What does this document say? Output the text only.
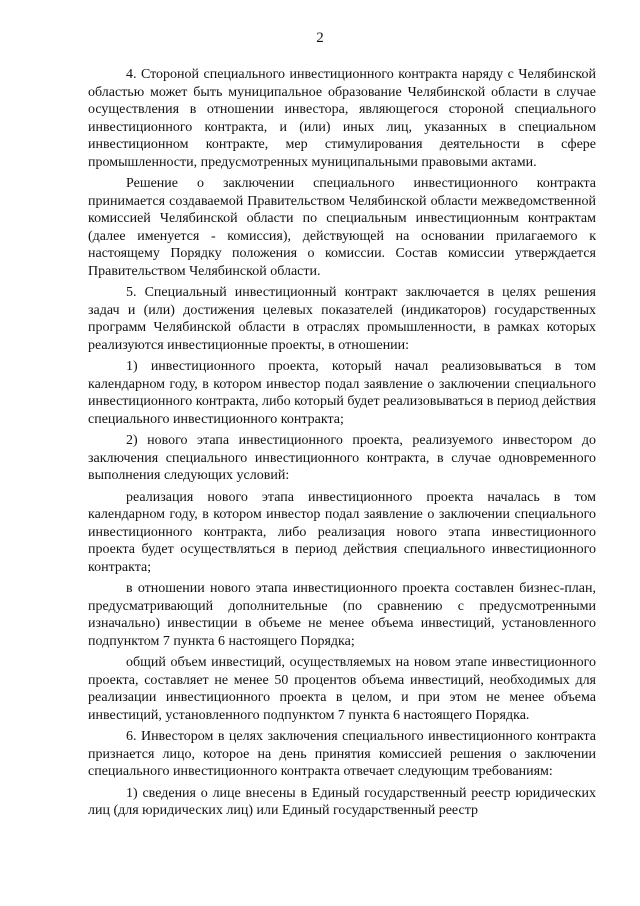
2

4. Стороной специального инвестиционного контракта наряду с Челябинской областью может быть муниципальное образование Челябинской области в случае осуществления в отношении инвестора, являющегося стороной специального инвестиционного контракта, и (или) иных лиц, указанных в специальном инвестиционном контракте, мер стимулирования деятельности в сфере промышленности, предусмотренных муниципальными правовыми актами.

Решение о заключении специального инвестиционного контракта принимается создаваемой Правительством Челябинской области межведомственной комиссией Челябинской области по специальным инвестиционным контрактам (далее именуется - комиссия), действующей на основании прилагаемого к настоящему Порядку положения о комиссии. Состав комиссии утверждается Правительством Челябинской области.

5. Специальный инвестиционный контракт заключается в целях решения задач и (или) достижения целевых показателей (индикаторов) государственных программ Челябинской области в отраслях промышленности, в рамках которых реализуются инвестиционные проекты, в отношении:

1) инвестиционного проекта, который начал реализовываться в том календарном году, в котором инвестор подал заявление о заключении специального инвестиционного контракта, либо который будет реализовываться в период действия специального инвестиционного контракта;

2) нового этапа инвестиционного проекта, реализуемого инвестором до заключения специального инвестиционного контракта, в случае одновременного выполнения следующих условий:

реализация нового этапа инвестиционного проекта началась в том календарном году, в котором инвестор подал заявление о заключении специального инвестиционного контракта, либо реализация нового этапа инвестиционного проекта будет осуществляться в период действия специального инвестиционного контракта;

в отношении нового этапа инвестиционного проекта составлен бизнес-план, предусматривающий дополнительные (по сравнению с предусмотренными изначально) инвестиции в объеме не менее объема инвестиций, установленного подпунктом 7 пункта 6 настоящего Порядка;

общий объем инвестиций, осуществляемых на новом этапе инвестиционного проекта, составляет не менее 50 процентов объема инвестиций, необходимых для реализации инвестиционного проекта в целом, и при этом не менее объема инвестиций, установленного подпунктом 7 пункта 6 настоящего Порядка.

6. Инвестором в целях заключения специального инвестиционного контракта признается лицо, которое на день принятия комиссией решения о заключении специального инвестиционного контракта отвечает следующим требованиям:

1) сведения о лице внесены в Единый государственный реестр юридических лиц (для юридических лиц) или Единый государственный реестр
